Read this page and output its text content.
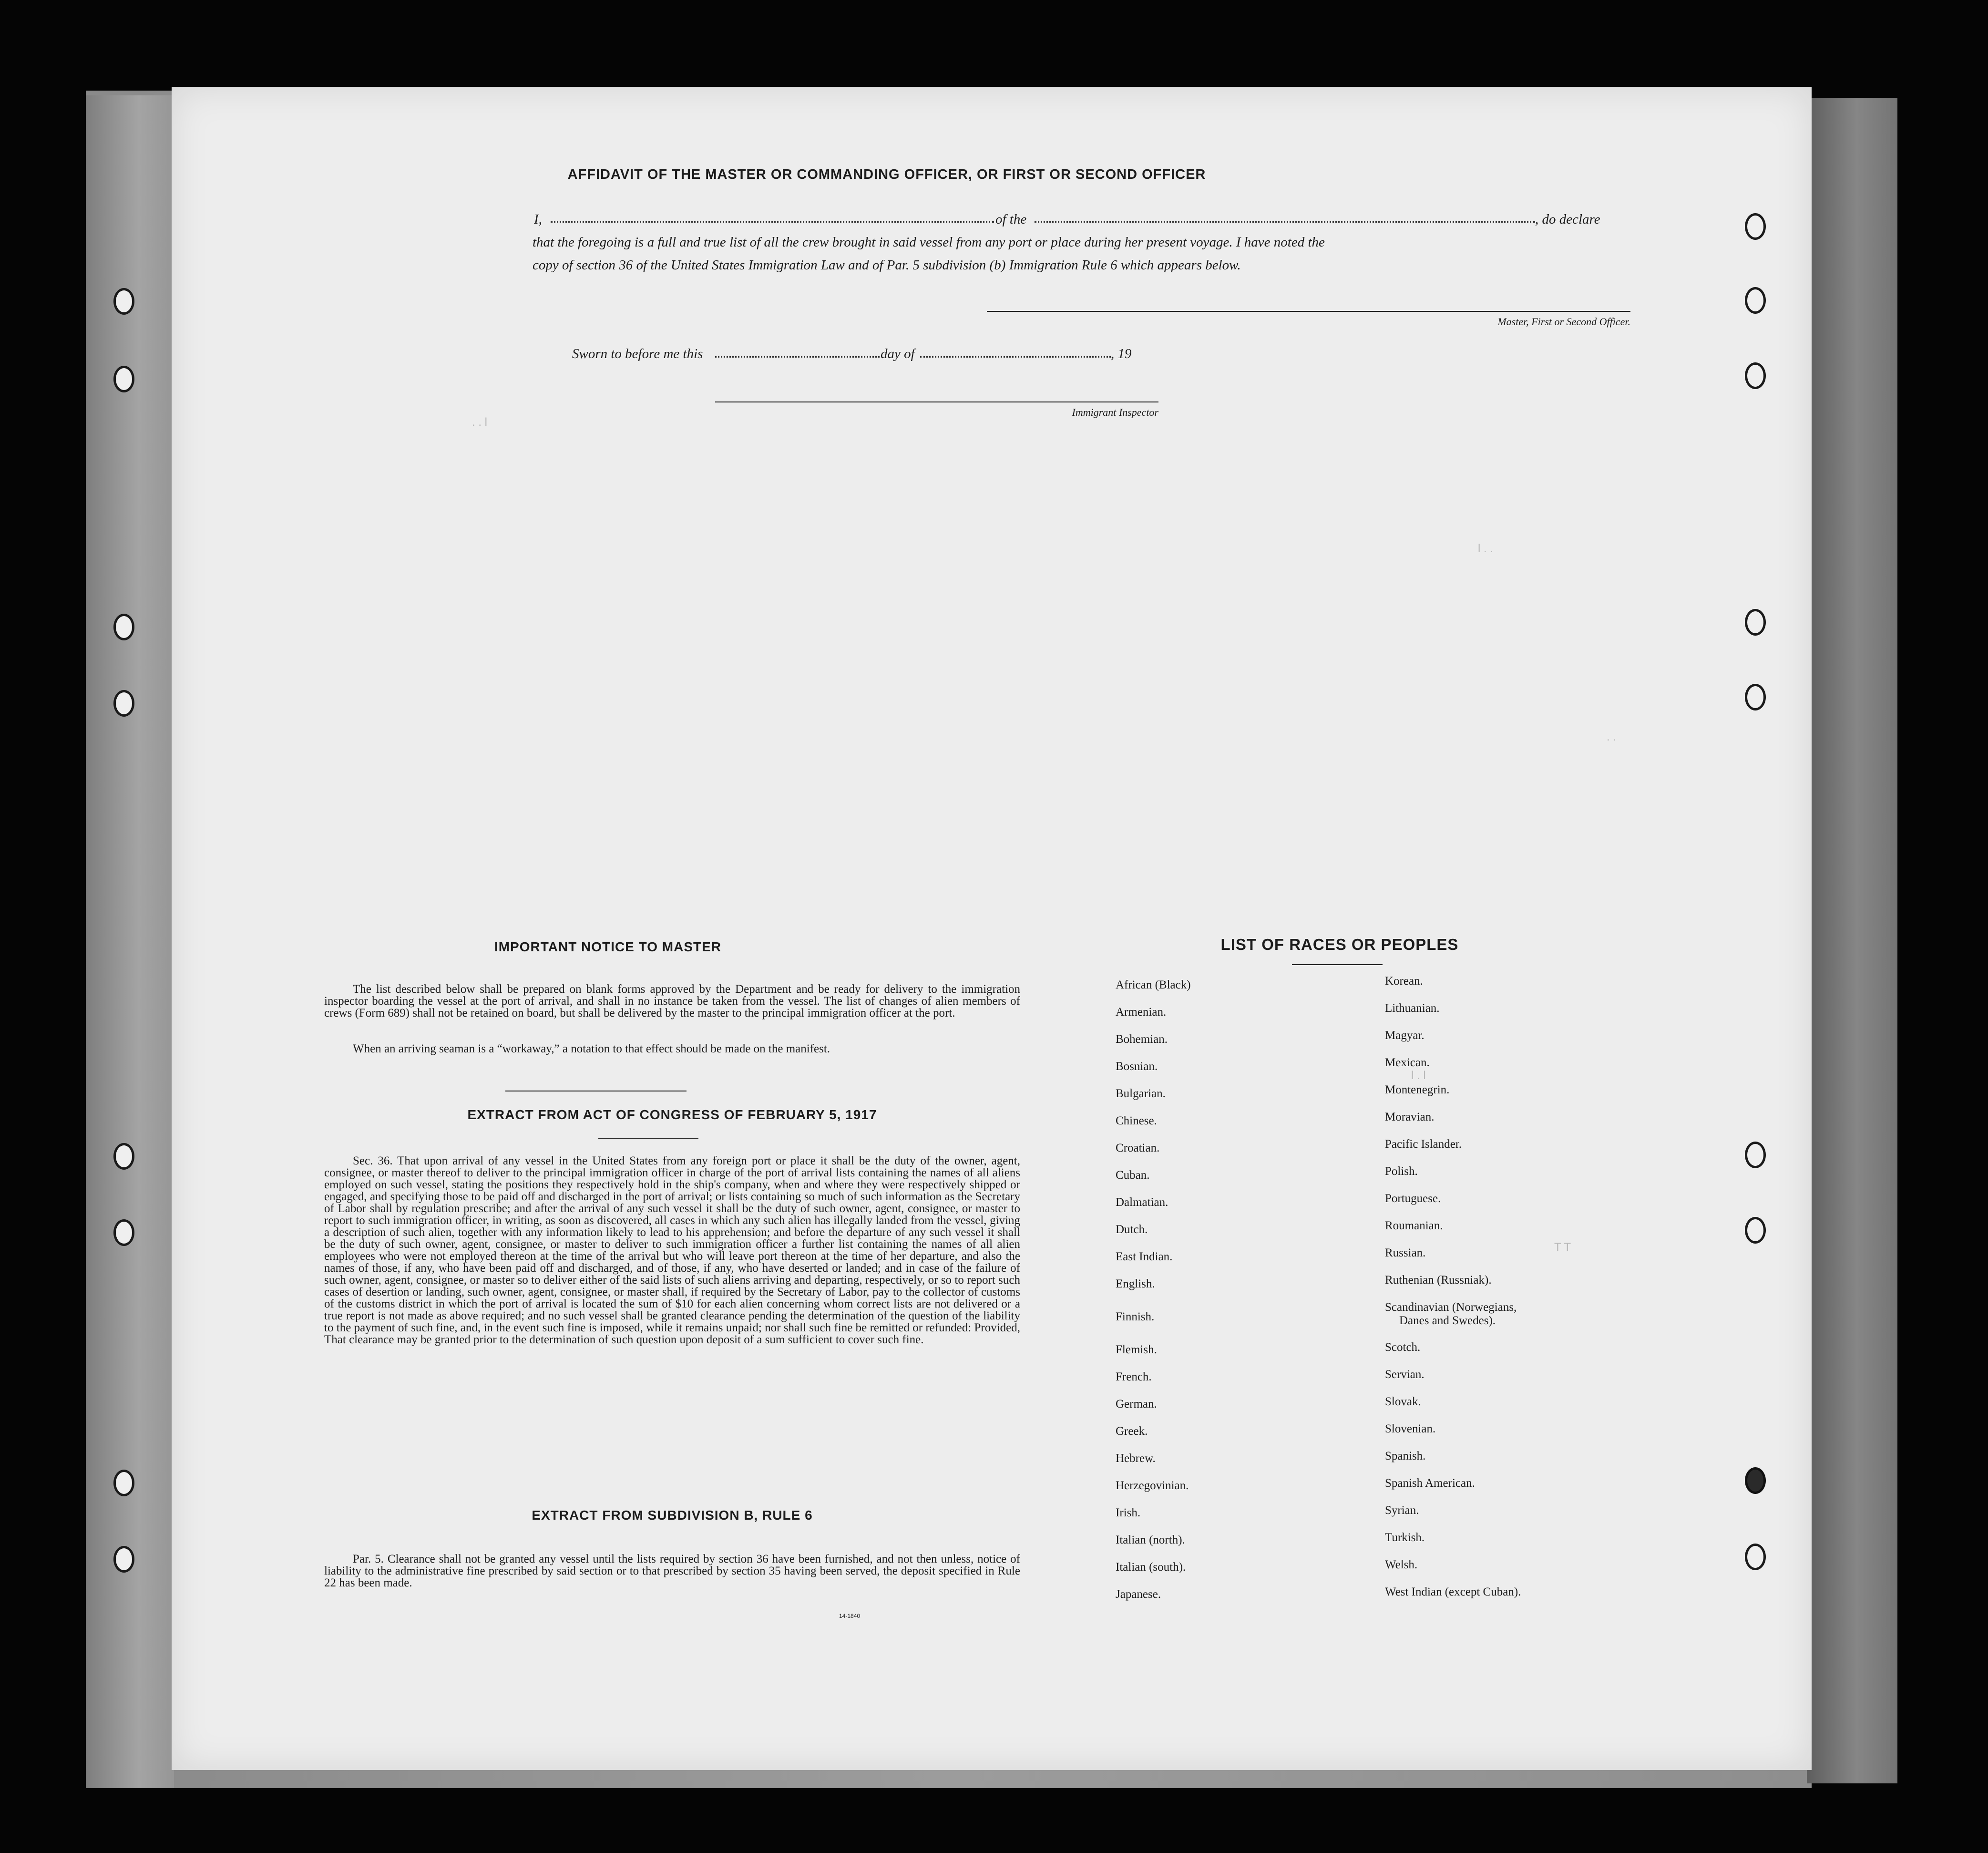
. . l
l . .
. .
l . l
T T
AFFIDAVIT OF THE MASTER OR COMMANDING OFFICER, OR FIRST OR SECOND OFFICER
I,	of the	, do declare
that the foregoing is a full and true list of all the crew brought in said vessel from any port or place during her present voyage. I have noted the
copy of section 36 of the United States Immigration Law and of Par. 5 subdivision (b) Immigration Rule 6 which appears below.
Master, First or Second Officer.
Sworn to before me this	day of	, 19
Immigrant Inspector
IMPORTANT NOTICE TO MASTER
The list described below shall be prepared on blank forms approved by the Department and be ready for delivery to the immigration inspector boarding the vessel at the port of arrival, and shall in no instance be taken from the vessel. The list of changes of alien members of crews (Form 689) shall not be retained on board, but shall be delivered by the master to the principal immigration officer at the port.
When an arriving seaman is a “workaway,” a notation to that effect should be made on the manifest.
EXTRACT FROM ACT OF CONGRESS OF FEBRUARY 5, 1917
Sec. 36. That upon arrival of any vessel in the United States from any foreign port or place it shall be the duty of the owner, agent, consignee, or master thereof to deliver to the principal immigration officer in charge of the port of arrival lists containing the names of all aliens employed on such vessel, stating the positions they respectively hold in the ship's company, when and where they were respectively shipped or engaged, and specifying those to be paid off and discharged in the port of arrival; or lists containing so much of such information as the Secretary of Labor shall by regulation prescribe; and after the arrival of any such vessel it shall be the duty of such owner, agent, consignee, or master to report to such immigration officer, in writing, as soon as discovered, all cases in which any such alien has illegally landed from the vessel, giving a description of such alien, together with any information likely to lead to his apprehension; and before the departure of any such vessel it shall be the duty of such owner, agent, consignee, or master to deliver to such immigration officer a further list containing the names of all alien employees who were not employed thereon at the time of the arrival but who will leave port thereon at the time of her departure, and also the names of those, if any, who have been paid off and discharged, and of those, if any, who have deserted or landed; and in case of the failure of such owner, agent, consignee, or master so to deliver either of the said lists of such aliens arriving and departing, respectively, or so to report such cases of desertion or landing, such owner, agent, consignee, or master shall, if required by the Secretary of Labor, pay to the collector of customs of the customs district in which the port of arrival is located the sum of $10 for each alien concerning whom correct lists are not delivered or a true report is not made as above required; and no such vessel shall be granted clearance pending the determination of the question of the liability to the payment of such fine, and, in the event such fine is imposed, while it remains unpaid; nor shall such fine be remitted or refunded: Provided, That clearance may be granted prior to the determination of such question upon deposit of a sum sufficient to cover such fine.
EXTRACT FROM SUBDIVISION B, RULE 6
Par. 5. Clearance shall not be granted any vessel until the lists required by section 36 have been furnished, and not then unless, notice of liability to the administrative fine prescribed by said section or to that prescribed by section 35 having been served, the deposit specified in Rule 22 has been made.
14-1840
LIST OF RACES OR PEOPLES
African (Black)
Armenian.
Bohemian.
Bosnian.
Bulgarian.
Chinese.
Croatian.
Cuban.
Dalmatian.
Dutch.
East Indian.
English.
Finnish.
Flemish.
French.
German.
Greek.
Hebrew.
Herzegovinian.
Irish.
Italian (north).
Italian (south).
Japanese.
Korean.
Lithuanian.
Magyar.
Mexican.
Montenegrin.
Moravian.
Pacific Islander.
Polish.
Portuguese.
Roumanian.
Russian.
Ruthenian (Russniak).
Scandinavian (Norwegians,
Danes and Swedes).
Scotch.
Servian.
Slovak.
Slovenian.
Spanish.
Spanish American.
Syrian.
Turkish.
Welsh.
West Indian (except Cuban).
